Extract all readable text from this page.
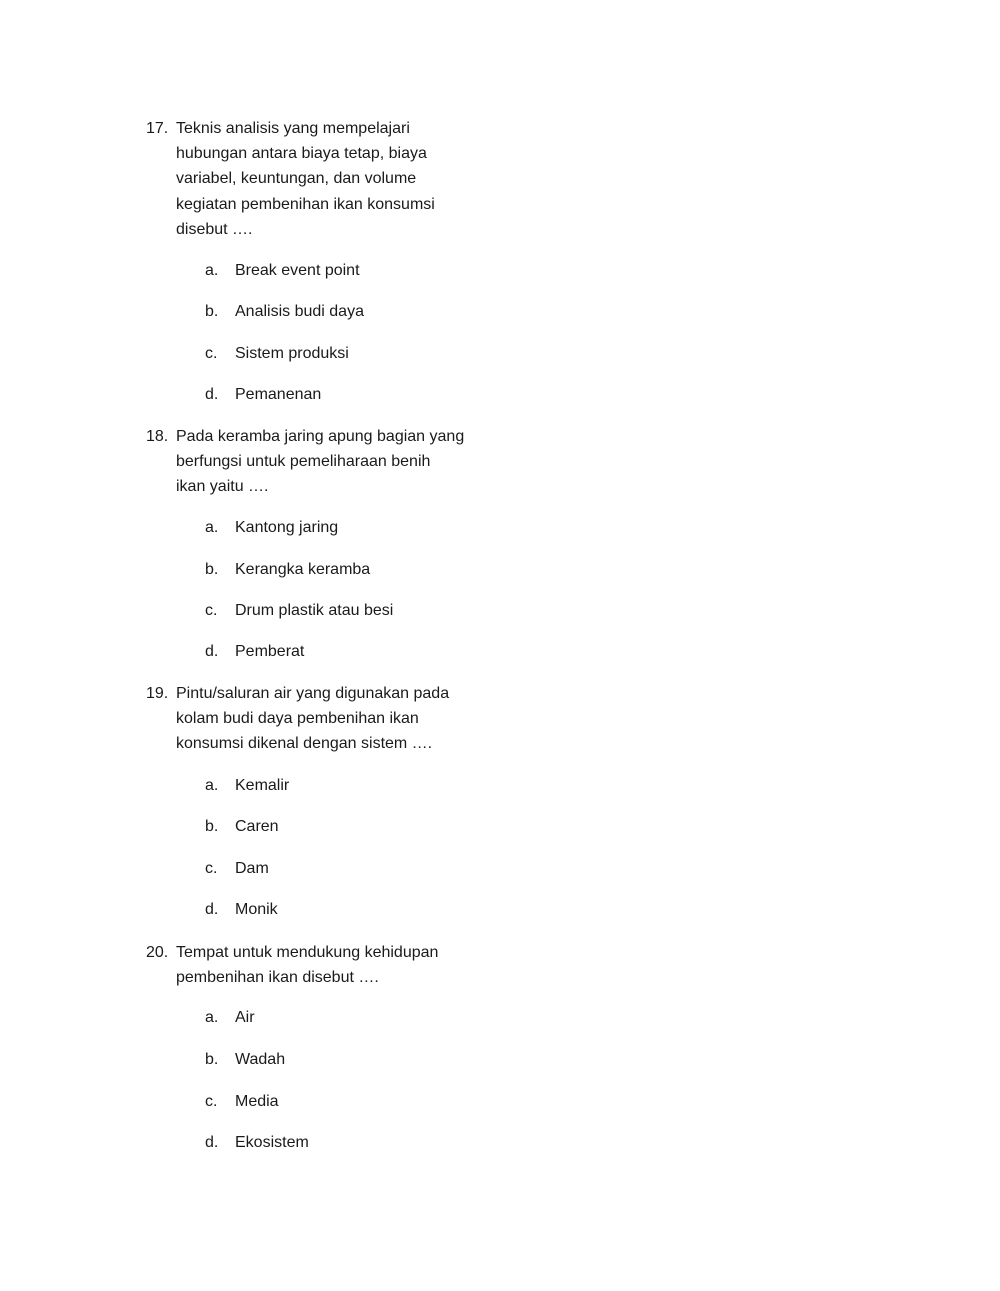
17. Teknis analisis yang mempelajari
hubungan antara biaya tetap, biaya
variabel, keuntungan, dan volume
kegiatan pembenihan ikan konsumsi
disebut ….
a.	Break event point
b.	Analisis budi daya
c.	Sistem produksi
d.	Pemanenan
18. Pada keramba jaring apung bagian yang
berfungsi untuk pemeliharaan benih
ikan yaitu ….
a.	Kantong jaring
b.	Kerangka keramba
c.	Drum plastik atau besi
d.	Pemberat
19. Pintu/saluran air yang digunakan pada
kolam budi daya pembenihan ikan
konsumsi dikenal dengan sistem ….
a.	Kemalir
b.	Caren
c.	Dam
d.	Monik
20. Tempat untuk mendukung kehidupan
pembenihan ikan disebut ….
a.	Air
b.	Wadah
c.	Media
d.	Ekosistem
